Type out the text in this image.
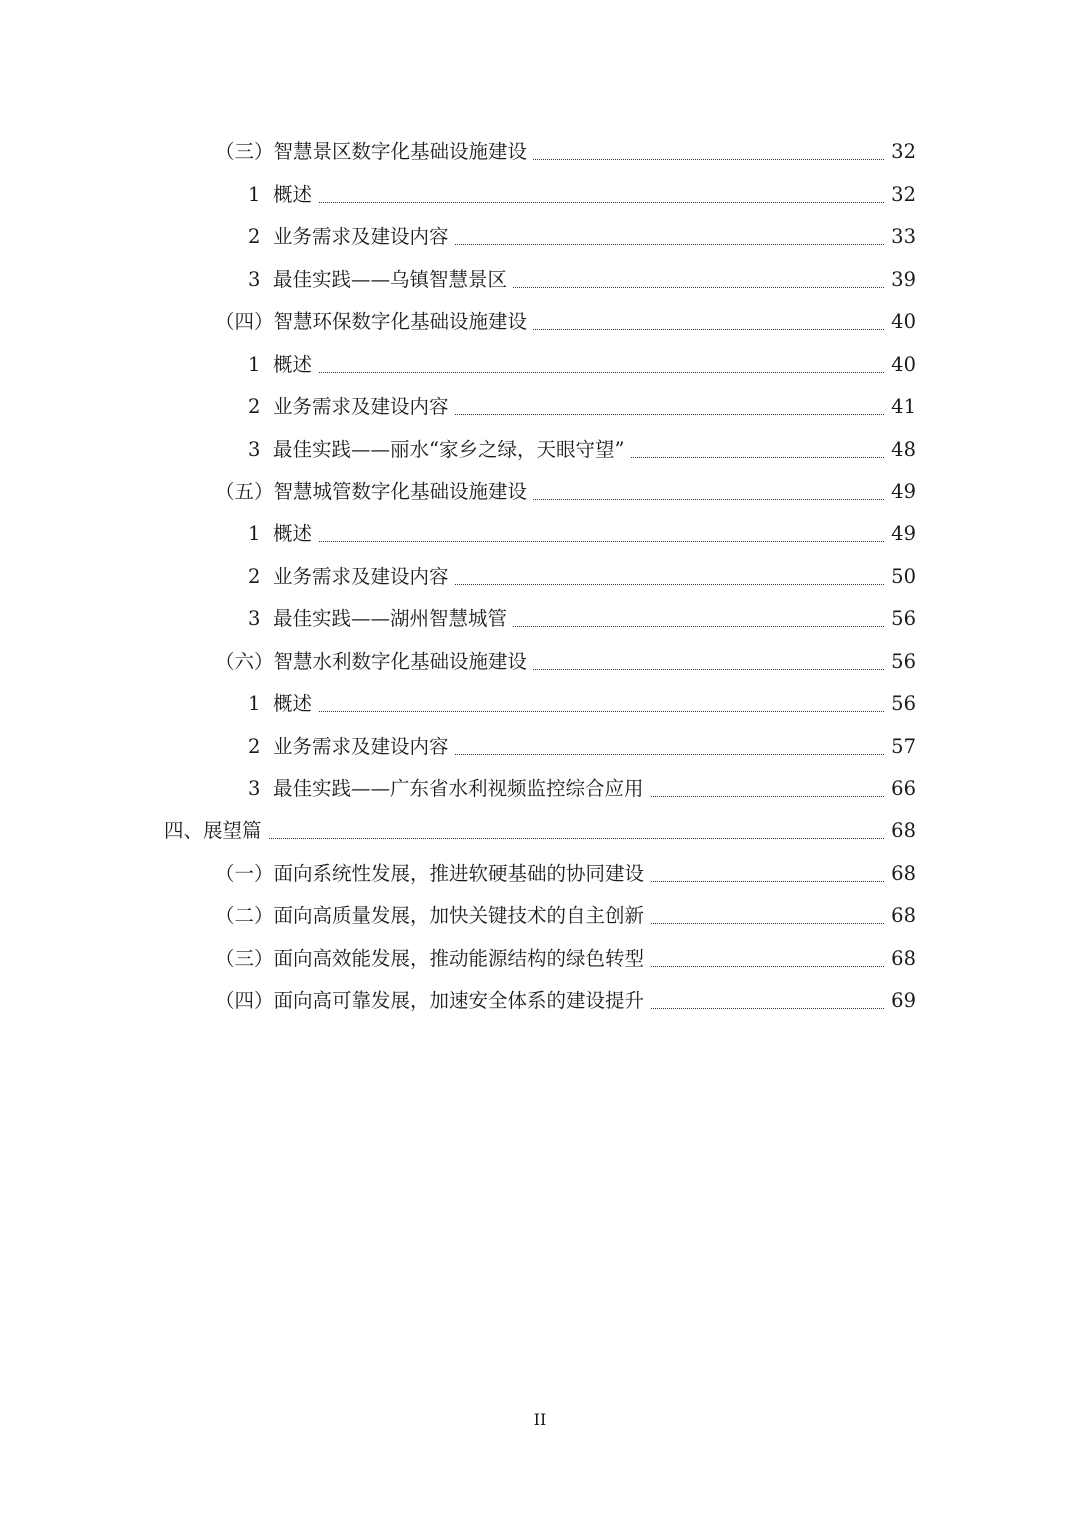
（三）智慧景区数字化基础设施建设	32
1 概述	32
2 业务需求及建设内容	33
3 最佳实践——乌镇智慧景区	39
（四）智慧环保数字化基础设施建设	40
1 概述	40
2 业务需求及建设内容	41
3 最佳实践——丽水“家乡之绿，天眼守望”	48
（五）智慧城管数字化基础设施建设	49
1 概述	49
2 业务需求及建设内容	50
3 最佳实践——湖州智慧城管	56
（六）智慧水利数字化基础设施建设	56
1 概述	56
2 业务需求及建设内容	57
3 最佳实践——广东省水利视频监控综合应用	66
四、展望篇	68
（一）面向系统性发展，推进软硬基础的协同建设	68
（二）面向高质量发展，加快关键技术的自主创新	68
（三）面向高效能发展，推动能源结构的绿色转型	68
（四）面向高可靠发展，加速安全体系的建设提升	69
II
